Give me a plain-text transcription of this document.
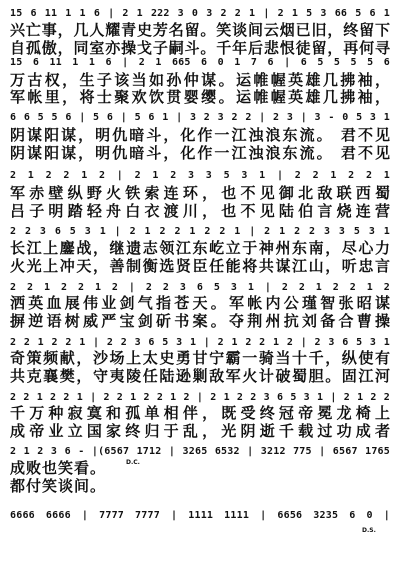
15 6 11 1 1 6 | 2 1 222 3 0 3 2 2 1 | 2 1 5 3 66 5 6 1
兴亡事，几人耀青史芳名留。笑谈间云烟已旧，终留下
自孤傲，同室亦操戈子嗣斗。千年后悲恨徒留，再何寻
15 6 11 1 1 6 | 2 1 665 6 0 1 7 6 | 6 5 5 5 5 6
万古权，生子该当如孙仲谋。运帷幄英雄几拂袖，
军帐里，将士聚欢饮贯婴缨。运帷幄英雄几拂袖，
6 6 5 5 6 | 5 6 | 5 6 1 | 3 2 3 2 2 | 2 3 | 3 - 0 5 3 1
阴谋阳谋，明仇暗斗，化作一江浊浪东流。 君不见
阴谋阳谋，明仇暗斗，化作一江浊浪东流。 君不见
2 1 2 2 1 2 | 2 1 2 3 3 5 3 1 | 2 2 1 2 2 1
军赤壁纵野火铁索连环，也不见御北敌联西蜀
吕子明踏轻舟白衣渡川，也不见陆伯言烧连营
2 2 3 6 5 3 1 | 2 1 2 2 1 2 2 1 | 2 1 2 2 3 3 5 3 1
长江上鏖战，继遗志领江东屹立于神州东南，尽心力
火光上冲天，善制衡选贤臣任能将共谋江山，听忠言
2 2 1 2 2 1 2 | 2 2 3 6 5 3 1 | 2 2 1 2 2 1 2
洒英血展伟业剑气指苍天。军帐内公瑾智张昭谋
摒逆语树威严宝剑斫书案。夺荆州抗刘备合曹操
2 2 1 2 2 1 | 2 2 3 6 5 3 1 | 2 1 2 2 1 2 | 2 3 6 5 3 1
奇策频献，沙场上太史勇甘宁霸一骑当十千，纵使有
共克襄樊，守夷陵任陆逊剿敌军火计破蜀胆。固江河
2 2 1 2 2 1 | 2 2 1 2 2 1 2 | 2 1 2 2 3 6 5 3 1 | 2 1 2 2
千万种寂寞和孤单相伴，既受终冠帝冕龙椅上
成帝业立国家终归于乱，光阴逝千载过功成者
2 1 2 3 6 - |(6567 1712 | 3265 6532 | 3212 775 | 6567 1765
D.C.
成败也笑看。
都付笑谈间。
6666 6666 | 7777 7777 | 1111 1111 | 6656 3235 6 0 |
D.S.
